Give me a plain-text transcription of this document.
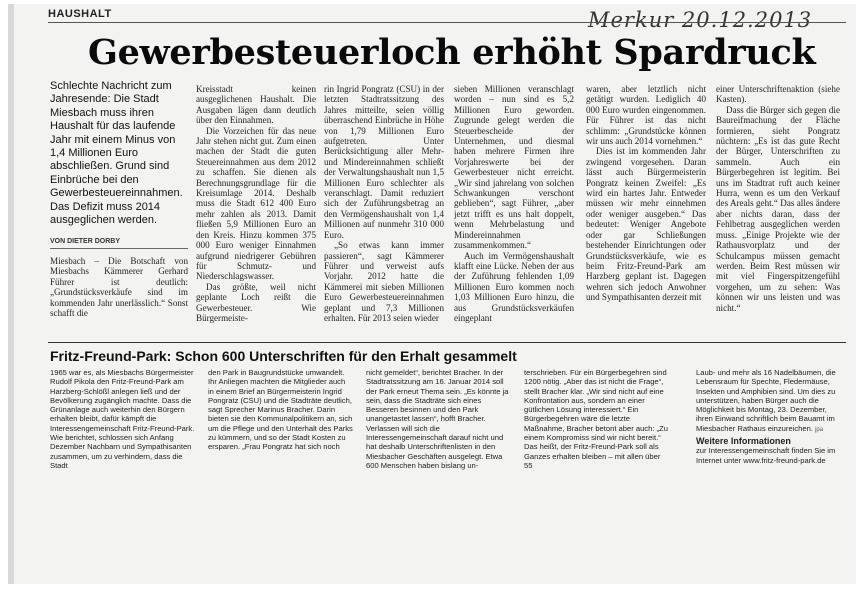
HAUSHALT	Merkur 20.12.2013
Gewerbesteuerloch erhöht Spardruck
Schlechte Nachricht zum Jahresende: Die Stadt Miesbach muss ihren Haushalt für das laufende Jahr mit einem Minus von 1,4 Millionen Euro abschließen. Grund sind Einbrüche bei den Gewerbesteuereinnahmen. Das Defizit muss 2014 ausgeglichen werden.
VON DIETER DORBY
Miesbach – Die Botschaft von Miesbachs Kämmerer Gerhard Führer ist deutlich: „Grundstücksverkäufe sind im kommenden Jahr unerlässlich.“ Sonst schafft die
Kreisstadt keinen ausgeglichenen Haushalt. Die Ausgaben lägen dann deutlich über den Einnahmen.
Die Vorzeichen für das neue Jahr stehen nicht gut. Zum einen machen der Stadt die guten Steuereinnahmen aus dem 2012 zu schaffen. Sie dienen als Berechnungsgrundlage für die Kreisumlage 2014. Deshalb muss die Stadt 612 400 Euro mehr zahlen als 2013. Damit fließen 5,9 Millionen Euro an den Kreis. Hinzu kommen 375 000 Euro weniger Einnahmen aufgrund niedrigerer Gebühren für Schmutz- und Niederschlagswasser.
Das größte, weil nicht geplante Loch reißt die Gewerbesteuer. Wie Bürgermeiste-
rin Ingrid Pongratz (CSU) in der letzten Stadtratssitzung des Jahres mitteilte, seien völlig überraschend Einbrüche in Höhe von 1,79 Millionen Euro aufgetreten. Unter Berücksichtigung aller Mehr- und Mindereinnahmen schließt der Verwaltungshaushalt nun 1,5 Millionen Euro schlechter als veranschlagt. Damit reduziert sich der Zuführungsbetrag an den Vermögenshaushalt von 1,4 Millionen auf nunmehr 310 000 Euro.
„So etwas kann immer passieren“, sagt Kämmerer Führer und verweist aufs Vorjahr. 2012 hatte die Kämmerei mit sieben Millionen Euro Gewerbesteuereinnahmen geplant und 7,3 Millionen erhalten. Für 2013 seien wieder
sieben Millionen veranschlagt worden – nun sind es 5,2 Millionen Euro geworden. Zugrunde gelegt werden die Steuerbescheide der Unternehmen, und diesmal haben mehrere Firmen ihre Vorjahreswerte bei der Gewerbesteuer nicht erreicht. „Wir sind jahrelang von solchen Schwankungen verschont geblieben“, sagt Führer, „aber jetzt trifft es uns halt doppelt, wenn Mehrbelastung und Mindereinnahmen zusammenkommen.“
Auch im Vermögenshaushalt klafft eine Lücke. Neben der aus der Zuführung fehlenden 1,09 Millionen Euro kommen noch 1,03 Millionen Euro hinzu, die aus Grundstücksverkäufen eingeplant
waren, aber letztlich nicht getätigt wurden. Lediglich 40 000 Euro wurden eingenommen. Für Führer ist das nicht schlimm: „Grundstücke können wir uns auch 2014 vornehmen.“
Dies ist im kommenden Jahr zwingend vorgesehen. Daran lässt auch Bürgermeisterin Pongratz keinen Zweifel: „Es wird ein hartes Jahr. Entweder müssen wir mehr einnehmen oder weniger ausgeben.“ Das bedeutet: Weniger Angebote oder gar Schließungen bestehender Einrichtungen oder Grundstücksverkäufe, wie es beim Fritz-Freund-Park am Harzberg geplant ist. Dagegen wehren sich jedoch Anwohner und Sympathisanten derzeit mit
einer Unterschriftenaktion (siehe Kasten).
Dass die Bürger sich gegen die Baureifmachung der Fläche formieren, sieht Pongratz nüchtern: „Es ist das gute Recht der Bürger, Unterschriften zu sammeln. Auch ein Bürgerbegehren ist legitim. Bei uns im Stadtrat ruft auch keiner Hurra, wenn es um den Verkauf des Areals geht.“ Das alles ändere aber nichts daran, dass der Fehlbetrag ausgeglichen werden muss. „Einige Projekte wie der Rathausvorplatz und der Schulcampus müssen gemacht werden. Beim Rest müssen wir mit viel Fingerspitzengefühl vorgehen, um zu sehen: Was können wir uns leisten und was nicht.“
Fritz-Freund-Park: Schon 600 Unterschriften für den Erhalt gesammelt
1965 war es, als Miesbachs Bürgermeister Rudolf Pikola den Fritz-Freund-Park am Harzberg-Schlößl anlegen ließ und der Bevölkerung zugänglich machte. Dass die Grünanlage auch weiterhin den Bürgern erhalten bleibt, dafür kämpft die Interessengemeinschaft Fritz-Freund-Park. Wie berichtet, schlossen sich Anfang Dezember Nachbarn und Sympathisanten zusammen, um zu verhindern, dass die Stadt
den Park in Baugrundstücke umwandelt. Ihr Anliegen machten die Mitglieder auch in einem Brief an Bürgermeisterin Ingrid Pongratz (CSU) und die Stadträte deutlich, sagt Sprecher Marinus Bracher. Darin bieten sie den Kommunalpolitikern an, sich um die Pflege und den Unterhalt des Parks zu kümmern, und so der Stadt Kosten zu ersparen. „Frau Pongratz hat sich noch
nicht gemeldet“, berichtet Bracher. In der Stadtratssitzung am 16. Januar 2014 soll der Park erneut Thema sein. „Es könnte ja sein, dass die Stadträte sich eines Besseren besinnen und den Park unangetastet lassen“, hofft Bracher. Verlassen will sich die Interessengemeinschaft darauf nicht und hat deshalb Unterschriftenlisten in den Miesbacher Geschäften ausgelegt. Etwa 600 Menschen haben bislang un-
terschrieben. Für ein Bürgerbegehren sind 1200 nötig. „Aber das ist nicht die Frage“, stellt Bracher klar. „Wir sind nicht auf eine Konfrontation aus, sondern an einer gütlichen Lösung interessiert.“ Ein Bürgerbegehren wäre die letzte Maßnahme, Bracher betont aber auch: „Zu einem Kompromiss sind wir nicht bereit.“ Das heißt, der Fritz-Freund-Park soll als Ganzes erhalten bleiben – mit allen über 55
Laub- und mehr als 16 Nadelbäumen, die Lebensraum für Spechte, Fledermäuse, Insekten und Amphibien sind. Um dies zu unterstützen, haben Bürger auch die Möglichkeit bis Montag, 23. Dezember, ihren Einwand schriftlich beim Bauamt im Miesbacher Rathaus einzureichen. jpa
Weitere Informationen
zur Interessengemeinschaft finden Sie im Internet unter www.fritz-freund-park.de
